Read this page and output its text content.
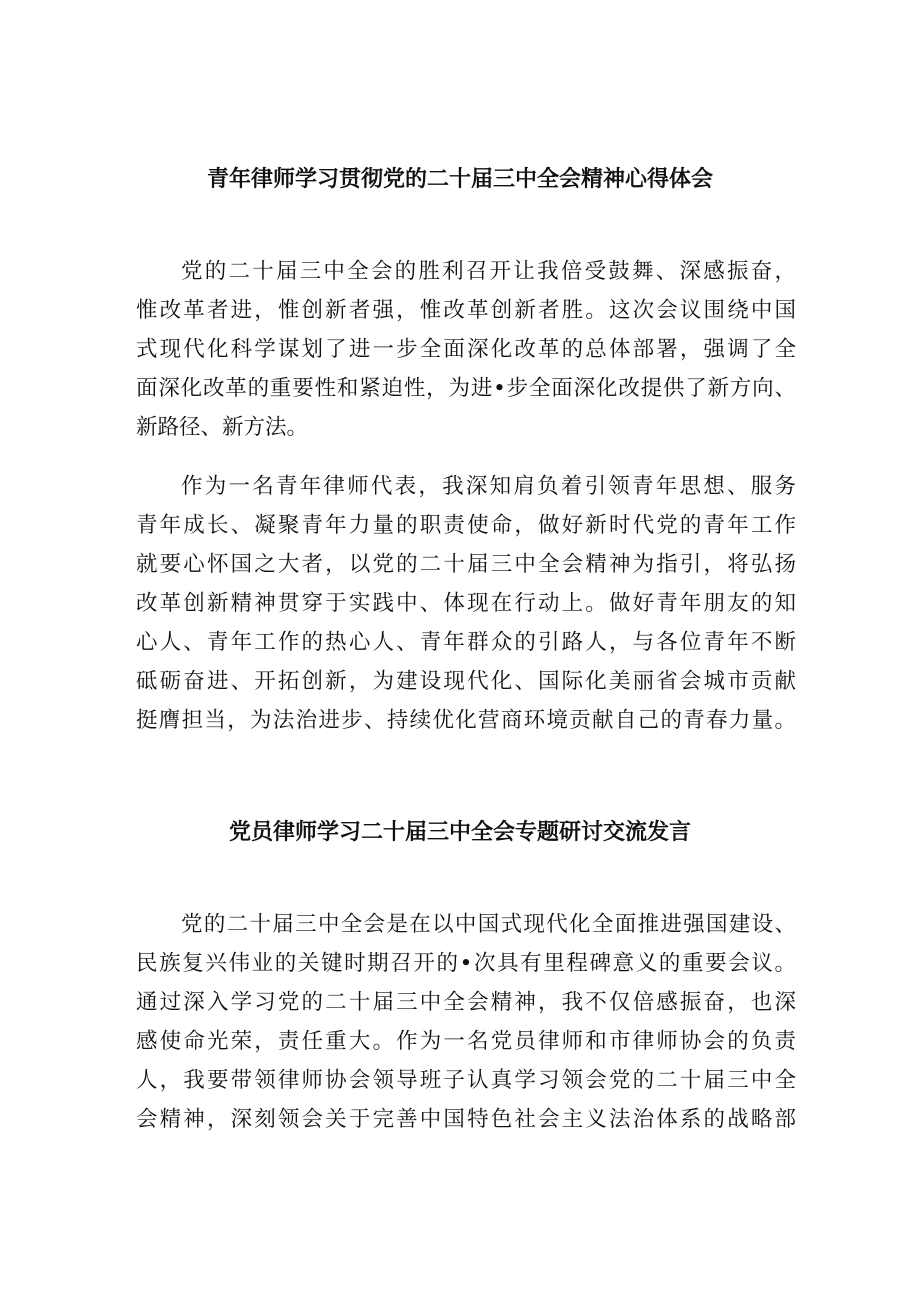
青年律师学习贯彻党的二十届三中全会精神心得体会
党的二十届三中全会的胜利召开让我倍受鼓舞、深感振奋，
惟改革者进，惟创新者强，惟改革创新者胜。这次会议围绕中国
式现代化科学谋划了进一步全面深化改革的总体部署，强调了全
面深化改革的重要性和紧迫性，为进•步全面深化改提供了新方向、
新路径、新方法。
作为一名青年律师代表，我深知肩负着引领青年思想、服务
青年成长、凝聚青年力量的职责使命，做好新时代党的青年工作
就要心怀国之大者，以党的二十届三中全会精神为指引，将弘扬
改革创新精神贯穿于实践中、体现在行动上。做好青年朋友的知
心人、青年工作的热心人、青年群众的引路人，与各位青年不断
砥砺奋进、开拓创新，为建设现代化、国际化美丽省会城市贡献
挺膺担当，为法治进步、持续优化营商环境贡献自己的青春力量。
党员律师学习二十届三中全会专题研讨交流发言
党的二十届三中全会是在以中国式现代化全面推进强国建设、
民族复兴伟业的关键时期召开的•次具有里程碑意义的重要会议。
通过深入学习党的二十届三中全会精神，我不仅倍感振奋，也深
感使命光荣，责任重大。作为一名党员律师和市律师协会的负责
人，我要带领律师协会领导班子认真学习领会党的二十届三中全
会精神，深刻领会关于完善中国特色社会主义法治体系的战略部
